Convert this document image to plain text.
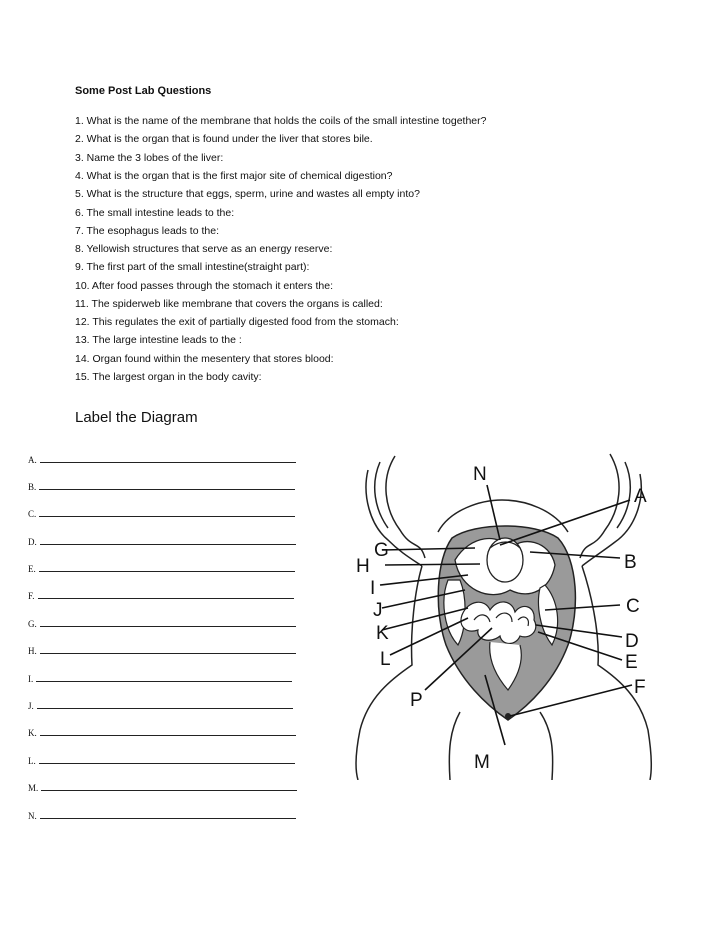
Some Post Lab Questions
1. What is the name of the membrane that holds the coils of the small intestine together?
2. What is the organ that is found under the liver that stores bile.
3. Name the 3 lobes of the liver:
4. What is the organ that is the first major site of chemical digestion?
5. What is the structure that eggs, sperm, urine and wastes all empty into?
6. The small intestine leads to the:
7. The esophagus leads to the:
8. Yellowish structures that serve as an energy reserve:
9. The first part of the small intestine(straight part):
10. After food passes through the stomach it enters the:
11. The spiderweb like membrane that covers the organs is called:
12. This regulates the exit of partially digested food from the stomach:
13. The large intestine leads to the :
14. Organ found within the mesentery that stores blood:
15. The largest organ in the body cavity:
Label the Diagram
A.
B.
C.
D.
E.
F.
G.
H.
I.
J.
K.
L.
M.
N.
N
A
G
B
H
I
C
J
K	D
L	E
F
P
M
